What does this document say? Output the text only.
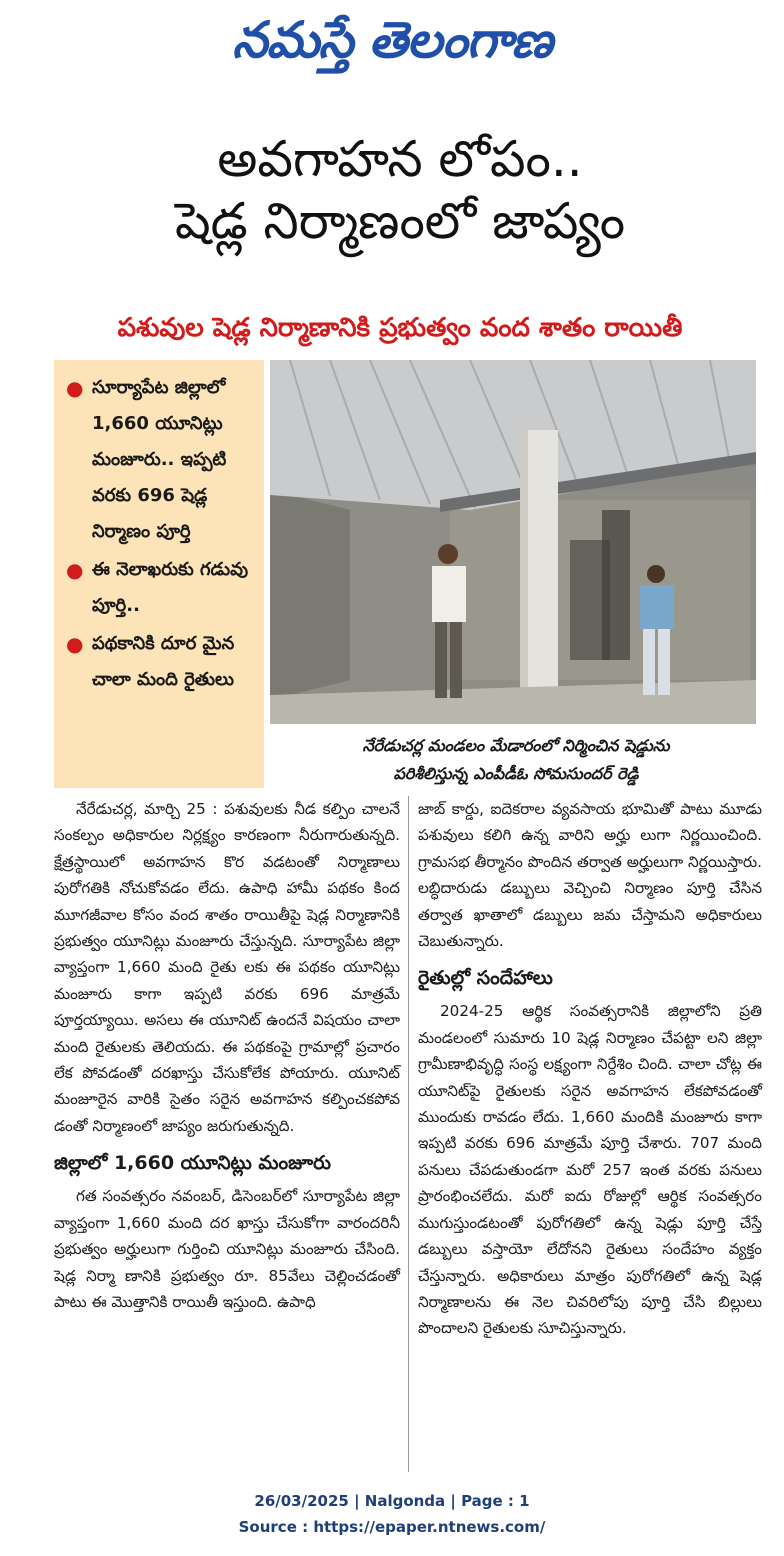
నమస్తే తెలంగాణ
అవగాహన లోపం..
షెడ్ల నిర్మాణంలో జాప్యం
పశువుల షెడ్ల నిర్మాణానికి ప్రభుత్వం వంద శాతం రాయితీ
● సూర్యాపేట జిల్లాలో 1,660 యూనిట్లు మంజూరు.. ఇప్పటి వరకు 696 షెడ్ల నిర్మాణం పూర్తి
● ఈ నెలాఖరుకు గడువు పూర్తి..
● పథకానికి దూర మైన చాలా మంది రైతులు
నేరేడుచర్ల మండలం మేడారంలో నిర్మించిన షెడ్డును
పరిశీలిస్తున్న ఎంపీడీఓ సోమసుందర్ రెడ్డి

నేరేడుచర్ల, మార్చి 25 : పశువులకు నీడ కల్పిం చాలనే సంకల్పం అధికారుల నిర్లక్ష్యం కారణంగా నీరుగారుతున్నది. క్షేత్రస్థాయిలో అవగాహన కొర వడటంతో నిర్మాణాలు పురోగతికి నోచుకోవడం లేదు. ఉపాధి హామీ పథకం కింద మూగజీవాల కోసం వంద శాతం రాయితీపై షెడ్ల నిర్మాణానికి ప్రభుత్వం యూనిట్లు మంజూరు చేస్తున్నది. సూర్యాపేట జిల్లా వ్యాప్తంగా 1,660 మంది రైతు లకు ఈ పథకం యూనిట్లు మంజూరు కాగా ఇప్పటి వరకు 696 మాత్రమే పూర్తయ్యాయి. అసలు ఈ యూనిట్ ఉందనే విషయం చాలా మంది రైతులకు తెలియదు. ఈ పథకంపై గ్రామాల్లో ప్రచారం లేక పోవడంతో దరఖాస్తు చేసుకోలేక పోయారు. యూనిట్ మంజూరైన వారికి సైతం సరైన అవగాహన కల్పించకపోవ డంతో నిర్మాణంలో జాప్యం జరుగుతున్నది.

జిల్లాలో 1,660 యూనిట్లు మంజూరు

గత సంవత్సరం నవంబర్, డిసెంబర్‌లో సూర్యాపేట జిల్లా వ్యాప్తంగా 1,660 మంది దర ఖాస్తు చేసుకోగా వారందరినీ ప్రభుత్వం అర్హులుగా గుర్తించి యూనిట్లు మంజూరు చేసింది. షెడ్ల నిర్మా ణానికి ప్రభుత్వం రూ. 85వేలు చెల్లించడంతో పాటు ఈ మొత్తానికి రాయితీ ఇస్తుంది. ఉపాధి

జాబ్ కార్డు, ఐదెకరాల వ్యవసాయ భూమితో పాటు మూడు పశువులు కలిగి ఉన్న వారిని అర్హు లుగా నిర్ణయించింది. గ్రామసభ తీర్మానం పొందిన తర్వాత అర్హులుగా నిర్ణయిస్తారు. లబ్ధిదారుడు డబ్బులు వెచ్చించి నిర్మాణం పూర్తి చేసిన తర్వాత ఖాతాలో డబ్బులు జమ చేస్తామని అధికారులు చెబుతున్నారు.

రైతుల్లో సందేహాలు

2024-25 ఆర్థిక సంవత్సరానికి జిల్లాలోని ప్రతి మండలంలో సుమారు 10 షెడ్ల నిర్మాణం చేపట్టా లని జిల్లా గ్రామీణాభివృద్ధి సంస్థ లక్ష్యంగా నిర్దేశిం చింది. చాలా చోట్ల ఈ యూనిట్‌పై రైతులకు సరైన అవగాహన లేకపోవడంతో ముందుకు రావడం లేదు. 1,660 మందికి మంజూరు కాగా ఇప్పటి వరకు 696 మాత్రమే పూర్తి చేశారు. 707 మంది పనులు చేపడుతుండగా మరో 257 ఇంత వరకు పనులు ప్రారంభించలేదు. మరో ఐదు రోజుల్లో ఆర్థిక సంవత్సరం ముగుస్తుండటంతో పురోగతిలో ఉన్న షెడ్లు పూర్తి చేస్తే డబ్బులు వస్తాయో లేదోనని రైతులు సందేహం వ్యక్తం చేస్తున్నారు. అధికారులు మాత్రం పురోగతిలో ఉన్న షెడ్ల నిర్మాణాలను ఈ నెల చివరిలోపు పూర్తి చేసి బిల్లులు పొందాలని రైతులకు సూచిస్తున్నారు.

26/03/2025 | Nalgonda | Page : 1
Source : https://epaper.ntnews.com/
